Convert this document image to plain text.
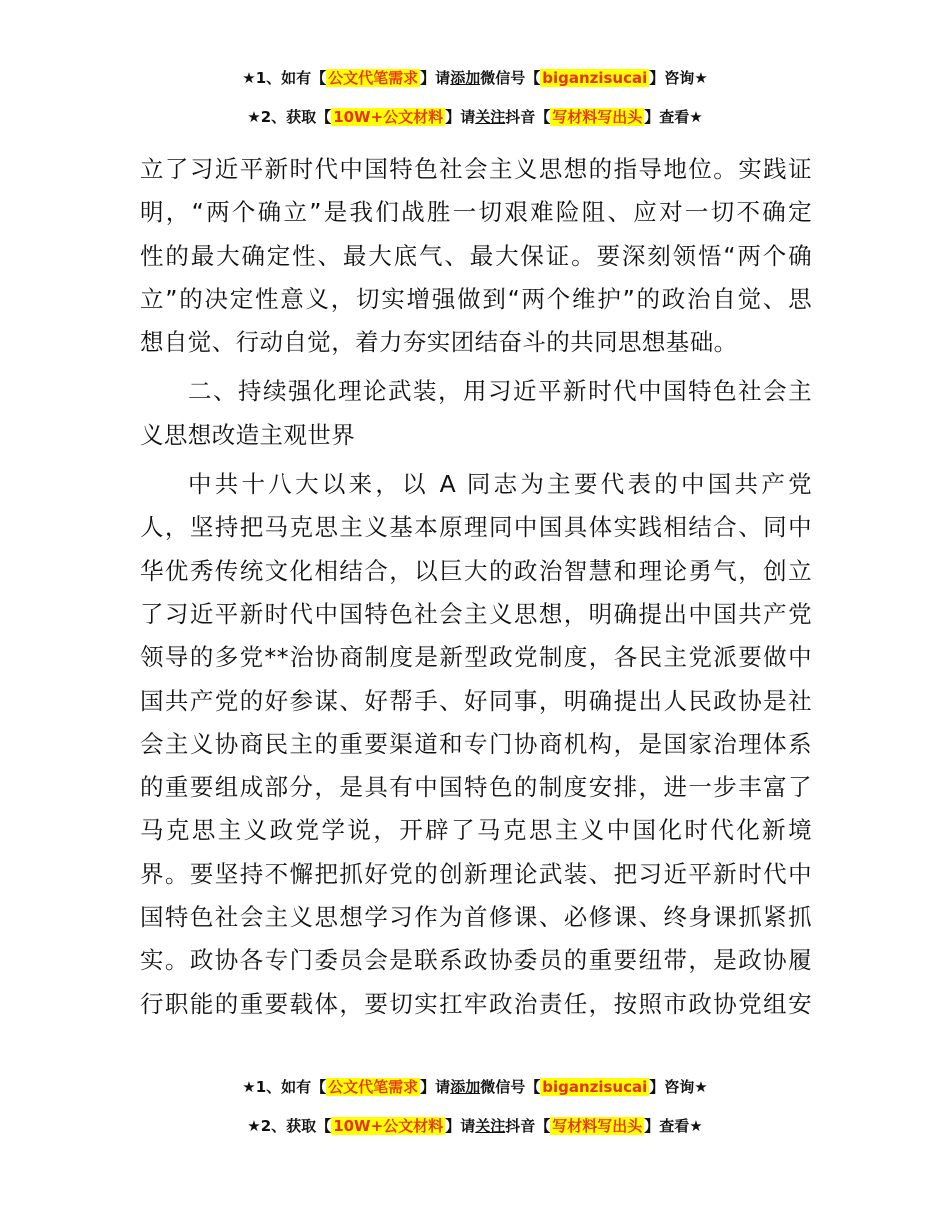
★1、如有【 公文代笔需求 】请添加微信号【 biganzisucai 】咨询★
★2、获取【 10W+公文材料 】请关注抖音【 写材料写出头 】查看★

立了习近平新时代中国特色社会主义思想的指导地位。实践证
明，“两个确立”是我们战胜一切艰难险阻、应对一切不确定
性的最大确定性、最大底气、最大保证。要深刻领悟“两个确
立”的决定性意义，切实增强做到“两个维护”的政治自觉、思
想自觉、行动自觉，着力夯实团结奋斗的共同思想基础。

二、持续强化理论武装，用习近平新时代中国特色社会主
义思想改造主观世界

中共十八大以来，以 A 同志为主要代表的中国共产党
人，坚持把马克思主义基本原理同中国具体实践相结合、同中
华优秀传统文化相结合，以巨大的政治智慧和理论勇气，创立
了习近平新时代中国特色社会主义思想，明确提出中国共产党
领导的多党**治协商制度是新型政党制度，各民主党派要做中
国共产党的好参谋、好帮手、好同事，明确提出人民政协是社
会主义协商民主的重要渠道和专门协商机构，是国家治理体系
的重要组成部分，是具有中国特色的制度安排，进一步丰富了
马克思主义政党学说，开辟了马克思主义中国化时代化新境
界。要坚持不懈把抓好党的创新理论武装、把习近平新时代中
国特色社会主义思想学习作为首修课、必修课、终身课抓紧抓
实。政协各专门委员会是联系政协委员的重要纽带，是政协履
行职能的重要载体，要切实扛牢政治责任，按照市政协党组安

★1、如有【 公文代笔需求 】请添加微信号【 biganzisucai 】咨询★
★2、获取【 10W+公文材料 】请关注抖音【 写材料写出头 】查看★
